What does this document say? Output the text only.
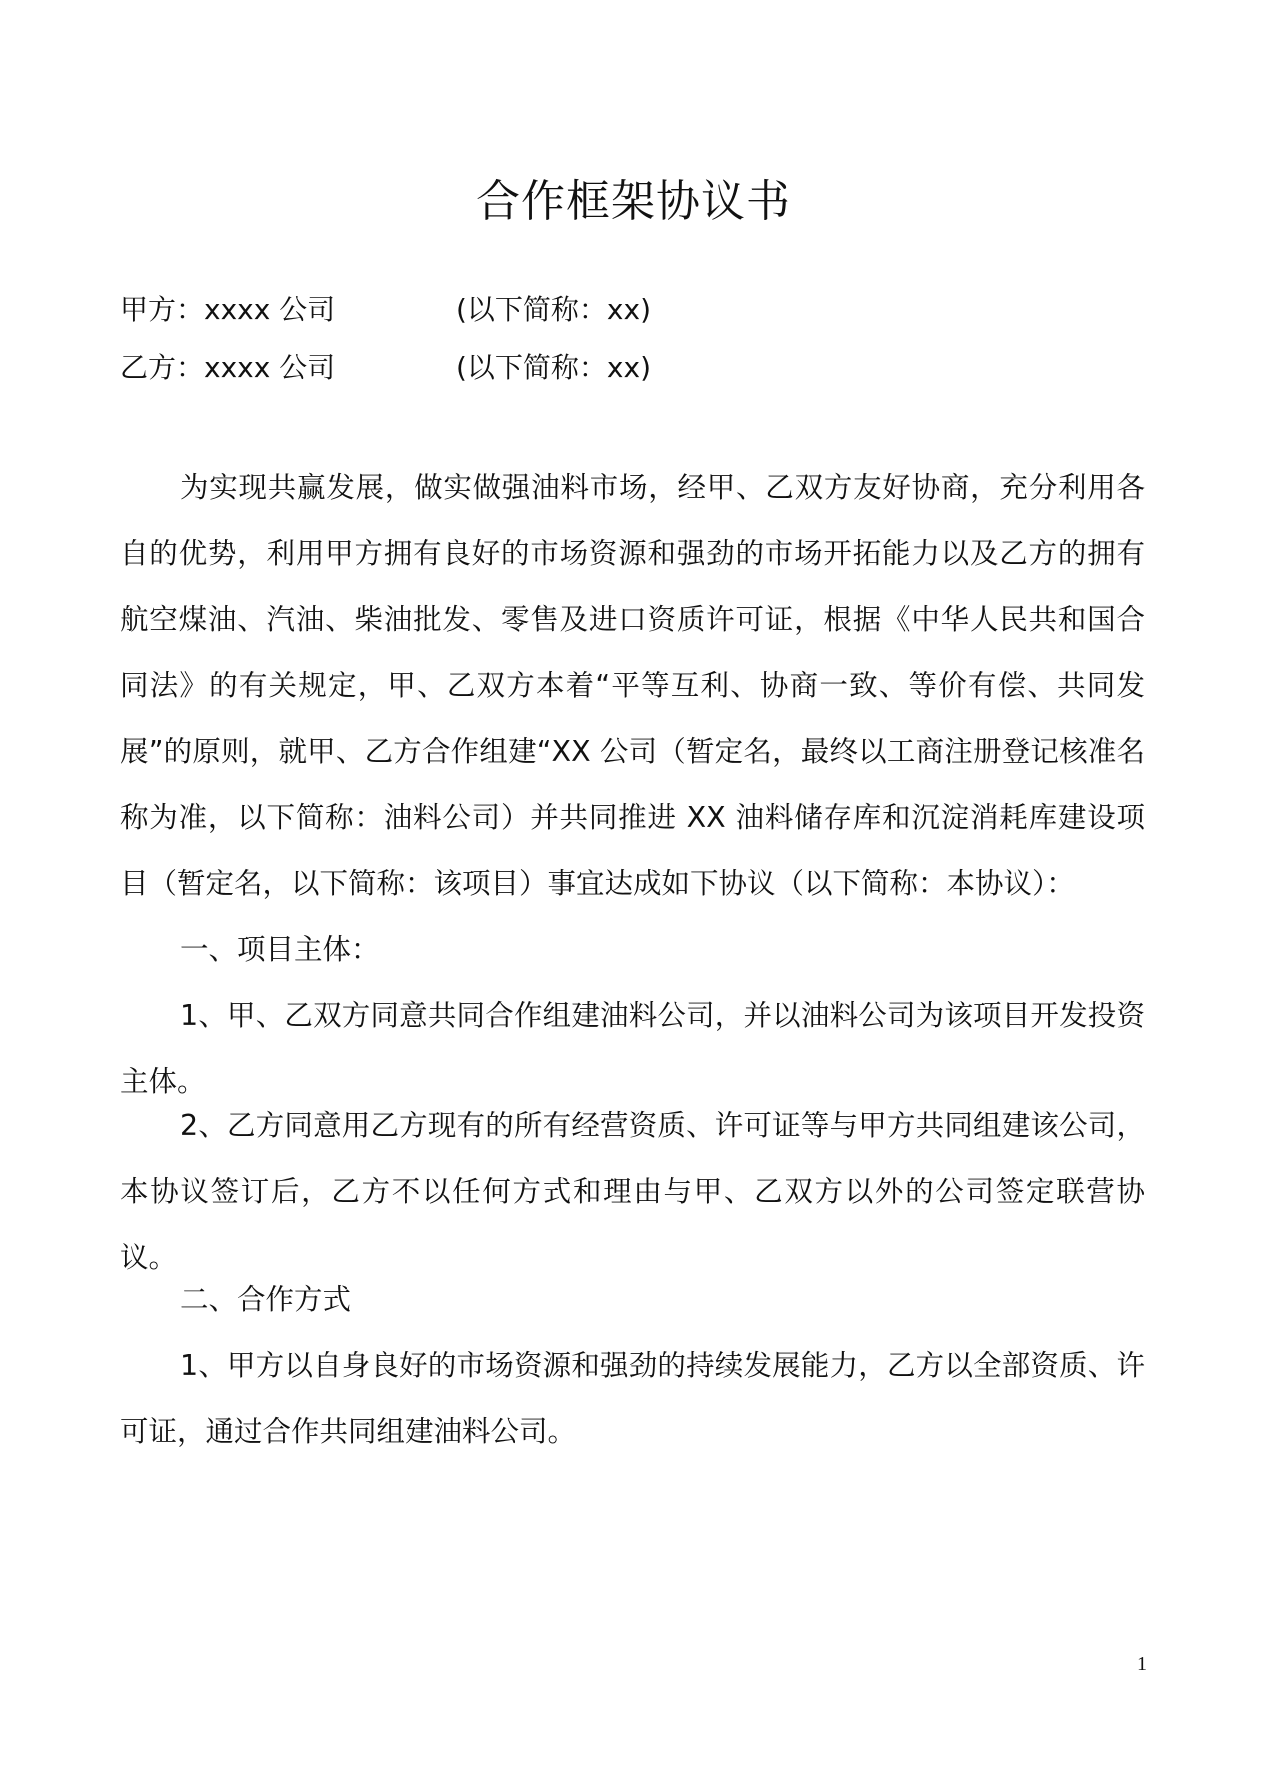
合作框架协议书
甲方：xxxx 公司	(以下简称：xx)
乙方：xxxx 公司	(以下简称：xx)
为实现共赢发展，做实做强油料市场，经甲、乙双方友好协商，充分利用各自的优势，利用甲方拥有良好的市场资源和强劲的市场开拓能力以及乙方的拥有航空煤油、汽油、柴油批发、零售及进口资质许可证，根据《中华人民共和国合同法》的有关规定，甲、乙双方本着“平等互利、协商一致、等价有偿、共同发展”的原则，就甲、乙方合作组建“XX 公司（暂定名，最终以工商注册登记核准名称为准，以下简称：油料公司）并共同推进 XX 油料储存库和沉淀消耗库建设项目（暂定名，以下简称：该项目）事宜达成如下协议（以下简称：本协议）：
一、项目主体：
1、甲、乙双方同意共同合作组建油料公司，并以油料公司为该项目开发投资主体。
2、乙方同意用乙方现有的所有经营资质、许可证等与甲方共同组建该公司，本协议签订后，乙方不以任何方式和理由与甲、乙双方以外的公司签定联营协议。
二、合作方式
1、甲方以自身良好的市场资源和强劲的持续发展能力，乙方以全部资质、许可证，通过合作共同组建油料公司。
1
